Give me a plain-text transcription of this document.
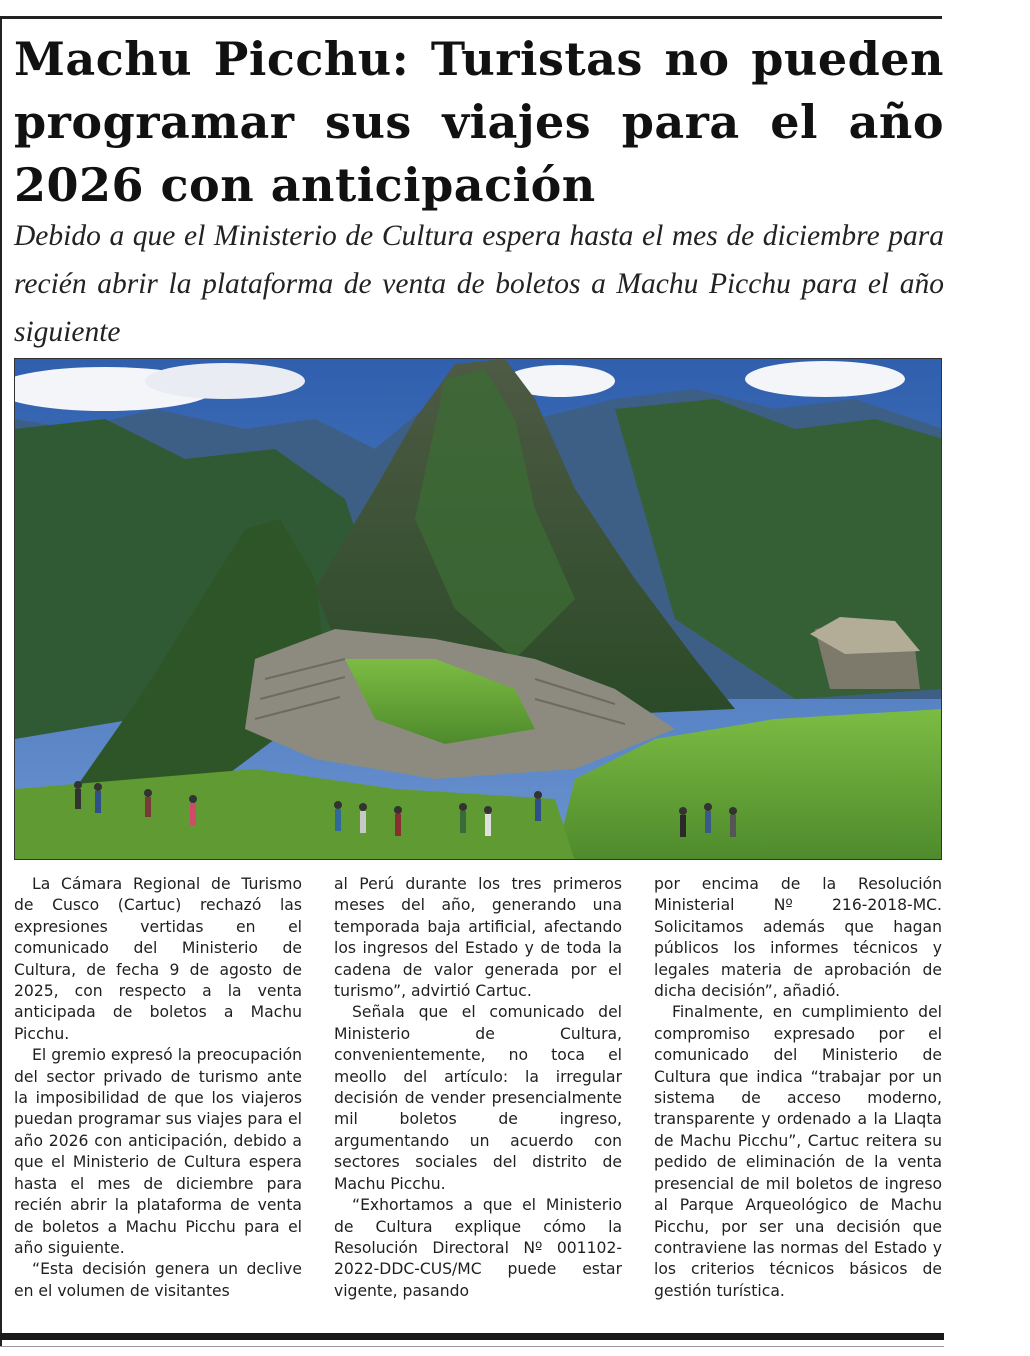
Machu Picchu: Turistas no pueden programar sus viajes para el año 2026 con anticipación

Debido a que el Ministerio de Cultura espera hasta el mes de diciembre para recién abrir la plataforma de venta de boletos a Machu Picchu para el año siguiente

La Cámara Regional de Turismo de Cusco (Cartuc) rechazó las expresiones vertidas en el comunicado del Ministerio de Cultura, de fecha 9 de agosto de 2025, con respecto a la venta anticipada de boletos a Machu Picchu.

El gremio expresó la preocupación del sector privado de turismo ante la imposibilidad de que los viajeros puedan programar sus viajes para el año 2026 con anticipación, debido a que el Ministerio de Cultura espera hasta el mes de diciembre para recién abrir la plataforma de venta de boletos a Machu Picchu para el año siguiente.

“Esta decisión genera un declive en el volumen de visitantes

al Perú durante los tres primeros meses del año, generando una temporada baja artificial, afectando los ingresos del Estado y de toda la cadena de valor generada por el turismo”, advirtió Cartuc.

Señala que el comunicado del Ministerio de Cultura, convenientemente, no toca el meollo del artículo: la irregular decisión de vender presencialmente mil boletos de ingreso, argumentando un acuerdo con sectores sociales del distrito de Machu Picchu.

“Exhortamos a que el Ministerio de Cultura explique cómo la Resolución Directoral Nº 001102-2022-DDC-CUS/MC puede estar vigente, pasando

por encima de la Resolución Ministerial Nº 216-2018-MC. Solicitamos además que hagan públicos los informes técnicos y legales materia de aprobación de dicha decisión”, añadió.

Finalmente, en cumplimiento del compromiso expresado por el comunicado del Ministerio de Cultura que indica “trabajar por un sistema de acceso moderno, transparente y ordenado a la Llaqta de Machu Picchu”, Cartuc reitera su pedido de eliminación de la venta presencial de mil boletos de ingreso al Parque Arqueológico de Machu Picchu, por ser una decisión que contraviene las normas del Estado y los criterios técnicos básicos de gestión turística.
